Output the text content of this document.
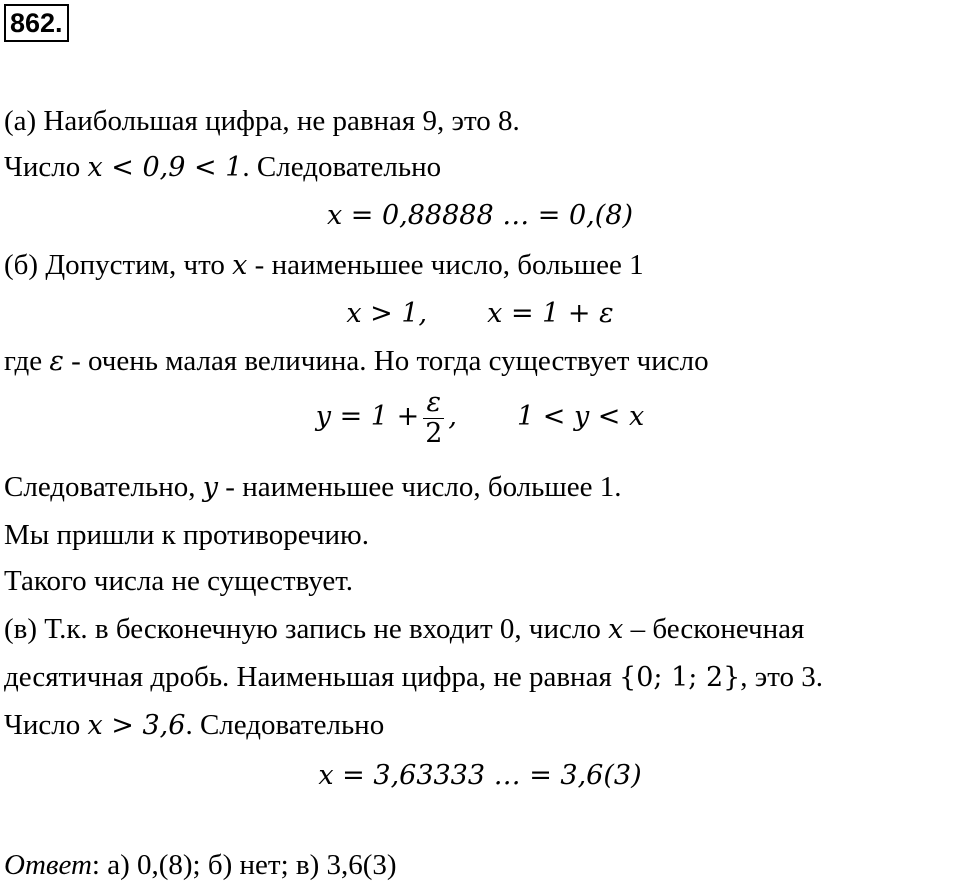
862.
(а) Наибольшая цифра, не равная 9, это 8.
Число x < 0,9 < 1. Следовательно
x = 0,88888 … = 0,(8)
(б) Допустим, что x - наименьшее число, большее 1
x > 1, x = 1 + ε
где ε - очень малая величина. Но тогда существует число
$y = 1 + \frac{\varepsilon}{2}$ , 1 < y < x
Следовательно, y - наименьшее число, большее 1.
Мы пришли к противоречию.
Такого числа не существует.
(в) Т.к. в бесконечную запись не входит 0, число x – бесконечная
десятичная дробь. Наименьшая цифра, не равная {0; 1; 2}, это 3.
Число x > 3,6. Следовательно
x = 3,63333 … = 3,6(3)
Ответ: а) 0,(8); б) нет; в) 3,6(3)
